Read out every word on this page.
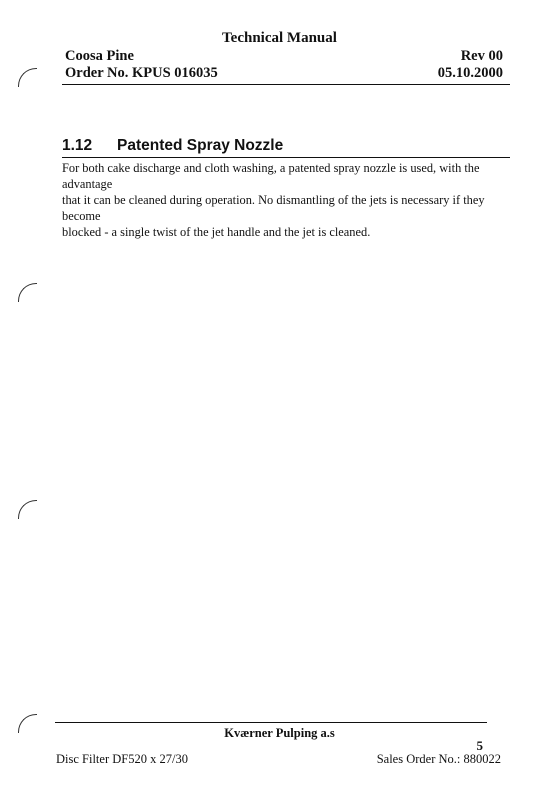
Technical Manual
Coosa Pine
Order No. KPUS 016035
Rev 00
05.10.2000
1.12 Patented Spray Nozzle
For both cake discharge and cloth washing, a patented spray nozzle is used, with the advantage
that it can be cleaned during operation. No dismantling of the jets is necessary if they become
blocked - a single twist of the jet handle and the jet is cleaned.
Kværner Pulping a.s
5
Disc Filter DF520 x 27/30	Sales Order No.: 880022
